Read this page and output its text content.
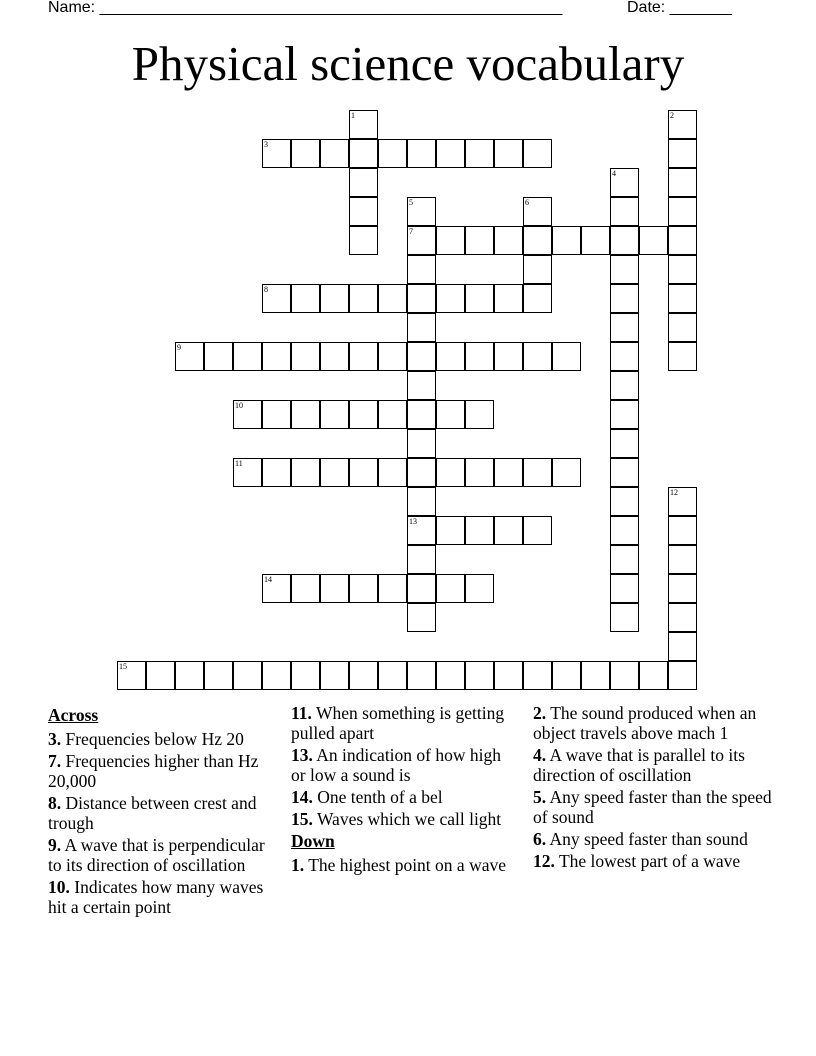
Name: ____________________________________________________	Date: _______
Physical science vocabulary
1	2
3
4
5
7
13
6
8
9
10
11
12
14
15
Across
3. Frequencies below Hz 20
7. Frequencies higher than Hz 20,000
8. Distance between crest and trough
9. A wave that is perpendicular to its direction of oscillation
10. Indicates how many waves hit a certain point
11. When something is getting pulled apart
13. An indication of how high or low a sound is
14. One tenth of a bel
15. Waves which we call light
Down
1. The highest point on a wave
2. The sound produced when an object travels above mach 1
4. A wave that is parallel to its direction of oscillation
5. Any speed faster than the speed of sound
6. Any speed faster than sound
12. The lowest part of a wave
